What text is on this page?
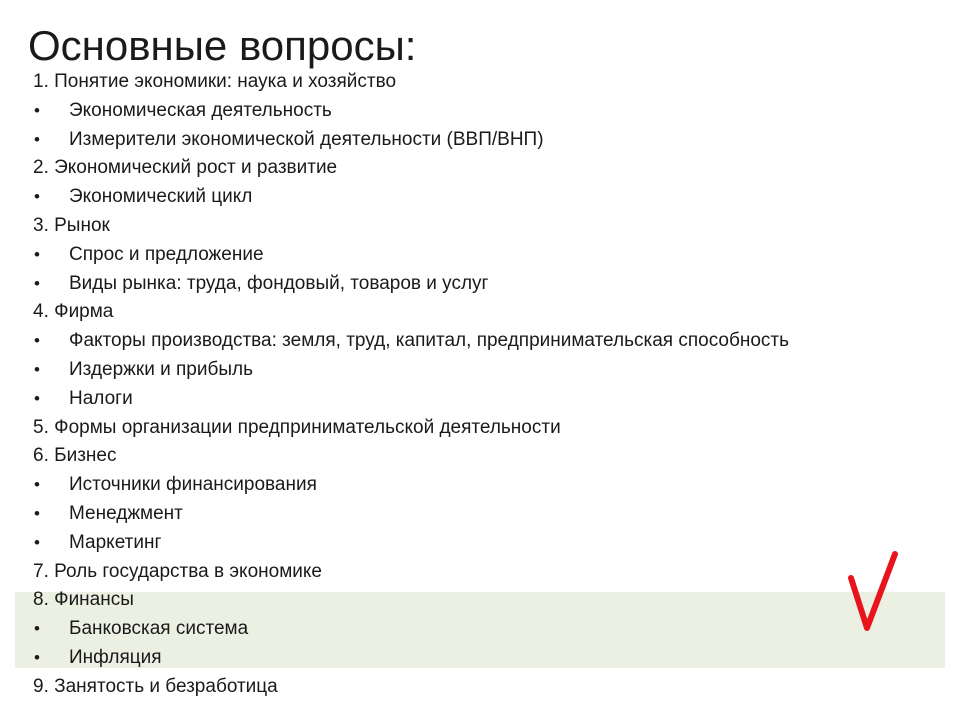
Основные вопросы:
1. Понятие экономики: наука и хозяйство
• Экономическая деятельность
• Измерители экономической деятельности (ВВП/ВНП)
2. Экономический рост и развитие
• Экономический цикл
3. Рынок
• Спрос и предложение
• Виды рынка: труда, фондовый, товаров и услуг
4. Фирма
• Факторы производства: земля, труд, капитал, предпринимательская способность
• Издержки и прибыль
• Налоги
5. Формы организации предпринимательской деятельности
6. Бизнес
• Источники финансирования
• Менеджмент
• Маркетинг
7. Роль государства в экономике
8. Финансы
• Банковская система
• Инфляция
9. Занятость и безработица
